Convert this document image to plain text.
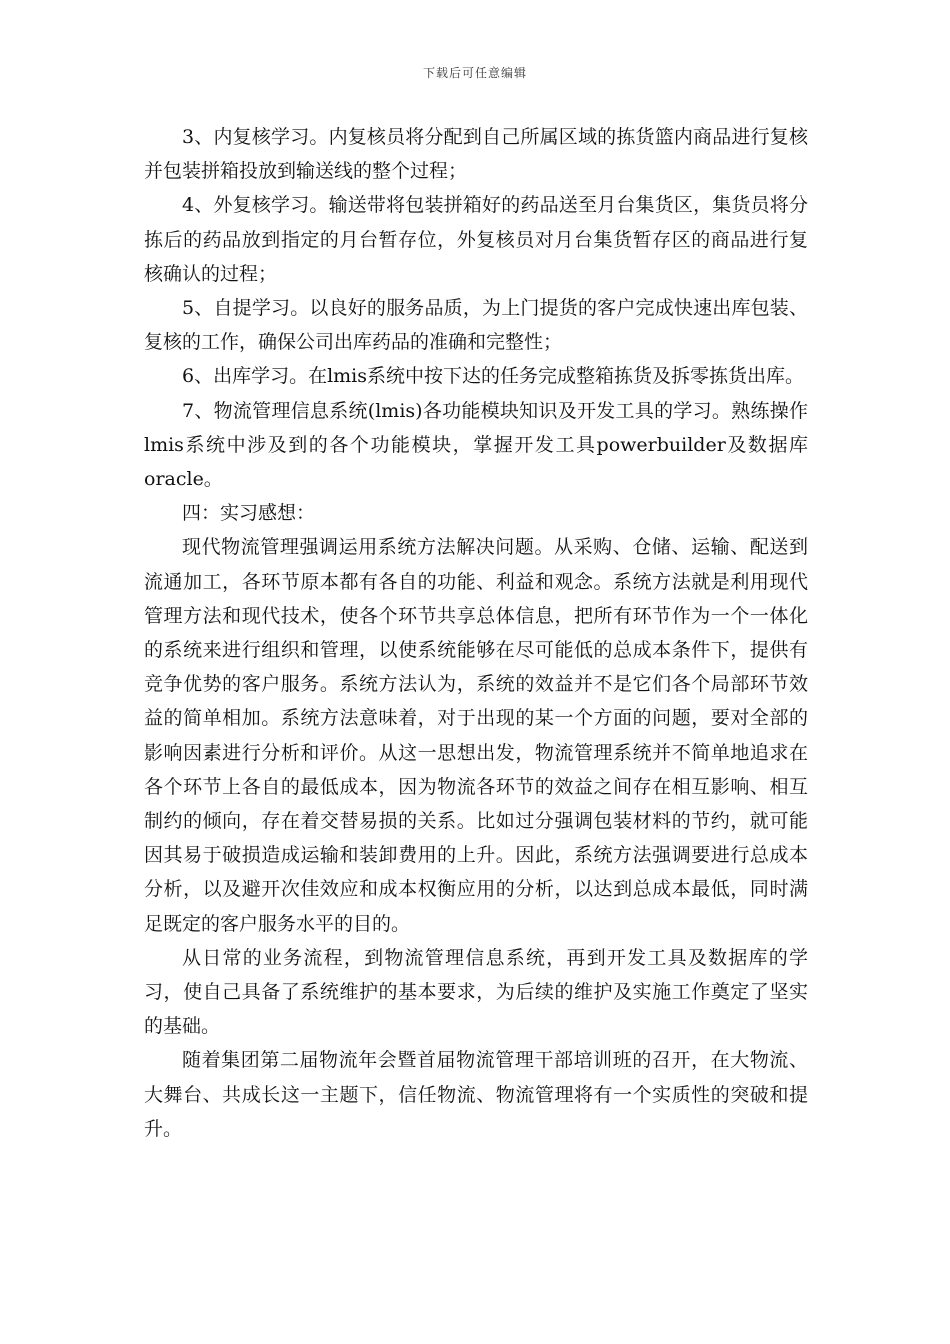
下载后可任意编辑

3、内复核学习。内复核员将分配到自己所属区域的拣货篮内商品进行复核并包装拼箱投放到输送线的整个过程；

4、外复核学习。输送带将包装拼箱好的药品送至月台集货区，集货员将分拣后的药品放到指定的月台暂存位，外复核员对月台集货暂存区的商品进行复核确认的过程；

5、自提学习。以良好的服务品质，为上门提货的客户完成快速出库包装、复核的工作，确保公司出库药品的准确和完整性；

6、出库学习。在lmis系统中按下达的任务完成整箱拣货及拆零拣货出库。

7、物流管理信息系统(lmis)各功能模块知识及开发工具的学习。熟练操作lmis系统中涉及到的各个功能模块，掌握开发工具powerbuilder及数据库oracle。

四：实习感想：

现代物流管理强调运用系统方法解决问题。从采购、仓储、运输、配送到流通加工，各环节原本都有各自的功能、利益和观念。系统方法就是利用现代管理方法和现代技术，使各个环节共享总体信息，把所有环节作为一个一体化的系统来进行组织和管理，以使系统能够在尽可能低的总成本条件下，提供有竞争优势的客户服务。系统方法认为，系统的效益并不是它们各个局部环节效益的简单相加。系统方法意味着，对于出现的某一个方面的问题，要对全部的影响因素进行分析和评价。从这一思想出发，物流管理系统并不简单地追求在各个环节上各自的最低成本，因为物流各环节的效益之间存在相互影响、相互制约的倾向，存在着交替易损的关系。比如过分强调包装材料的节约，就可能因其易于破损造成运输和装卸费用的上升。因此，系统方法强调要进行总成本分析，以及避开次佳效应和成本权衡应用的分析，以达到总成本最低，同时满足既定的客户服务水平的目的。

从日常的业务流程，到物流管理信息系统，再到开发工具及数据库的学习，使自己具备了系统维护的基本要求，为后续的维护及实施工作奠定了坚实的基础。

随着集团第二届物流年会暨首届物流管理干部培训班的召开，在大物流、大舞台、共成长这一主题下，信任物流、物流管理将有一个实质性的突破和提升。
